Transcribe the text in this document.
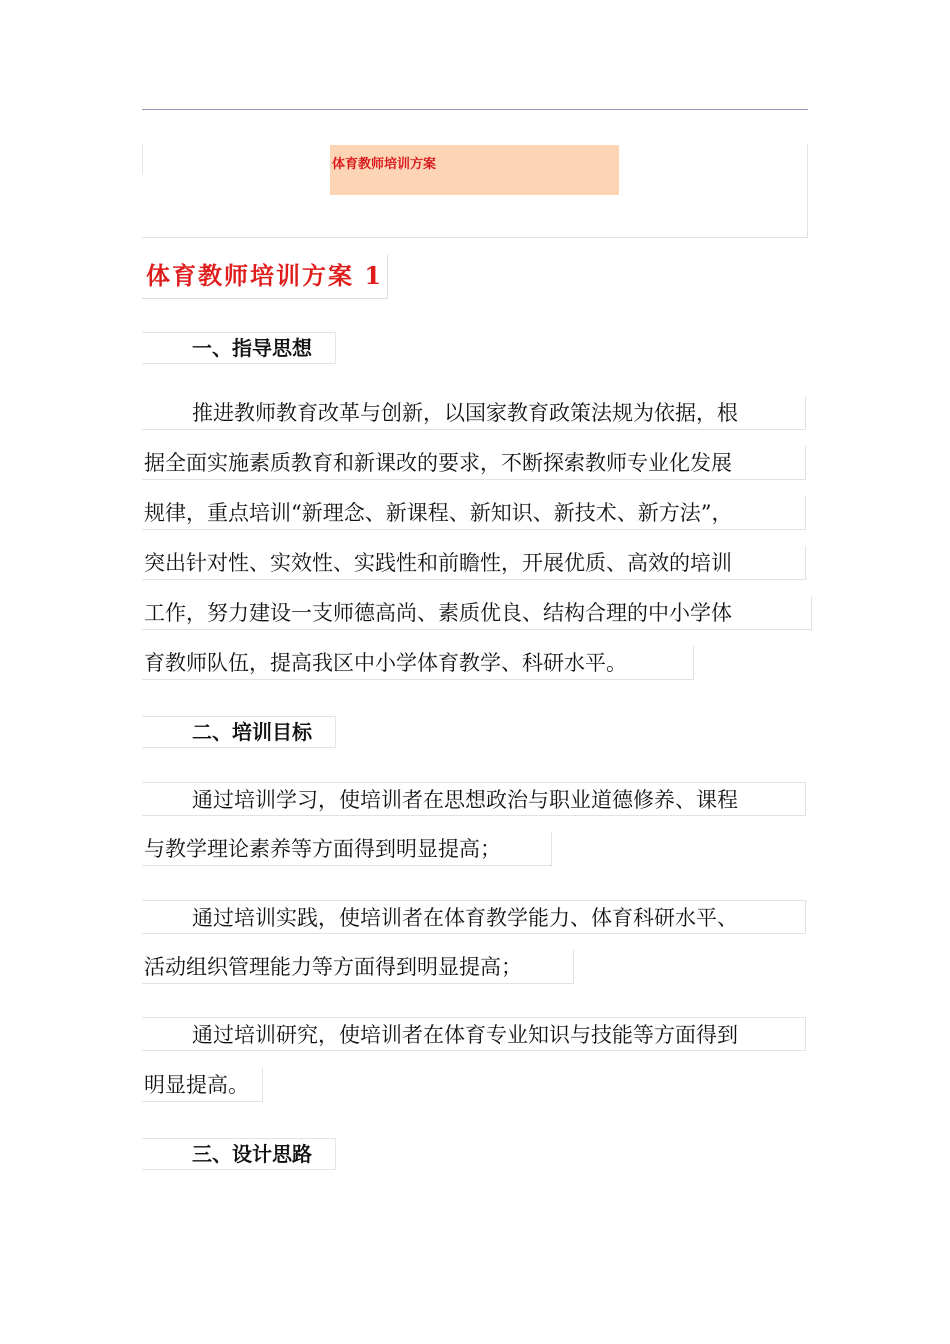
体育教师培训方案
体育教师培训方案 1
一、指导思想
推进教师教育改革与创新，以国家教育政策法规为依据，根
据全面实施素质教育和新课改的要求，不断探索教师专业化发展
规律，重点培训“新理念、新课程、新知识、新技术、新方法”，
突出针对性、实效性、实践性和前瞻性，开展优质、高效的培训
工作，努力建设一支师德高尚、素质优良、结构合理的中小学体
育教师队伍，提高我区中小学体育教学、科研水平。
二、培训目标
通过培训学习，使培训者在思想政治与职业道德修养、课程
与教学理论素养等方面得到明显提高；
通过培训实践，使培训者在体育教学能力、体育科研水平、
活动组织管理能力等方面得到明显提高；
通过培训研究，使培训者在体育专业知识与技能等方面得到
明显提高。
三、设计思路
